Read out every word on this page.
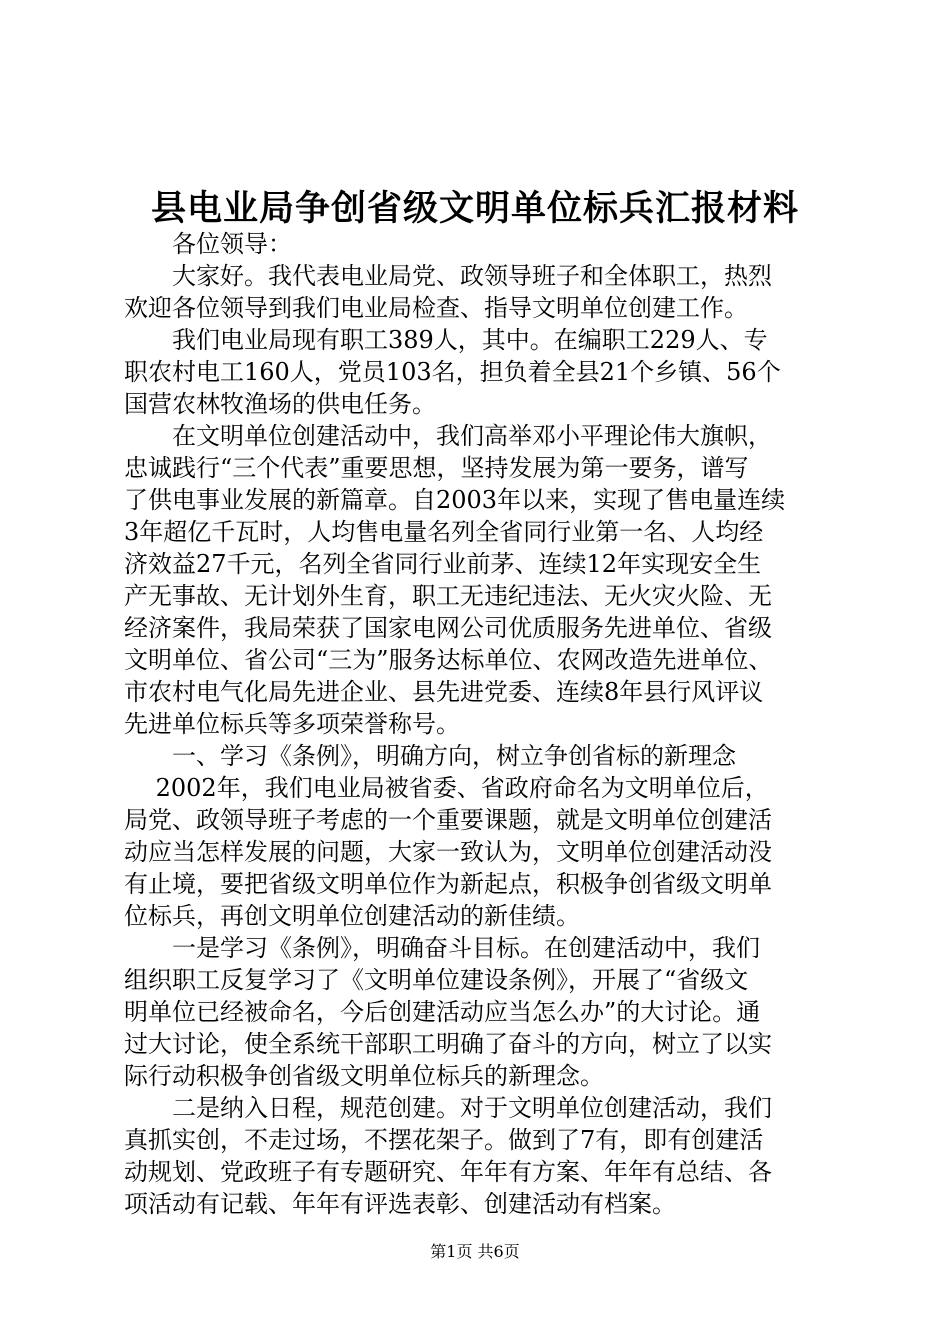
县电业局争创省级文明单位标兵汇报材料
　　各位领导：
　　大家好。我代表电业局党、政领导班子和全体职工，热烈
欢迎各位领导到我们电业局检查、指导文明单位创建工作。
　　我们电业局现有职工389人，其中。在编职工229人、专
职农村电工160人，党员103名，担负着全县21个乡镇、56个
国营农林牧渔场的供电任务。
　　在文明单位创建活动中，我们高举邓小平理论伟大旗帜，
忠诚践行“三个代表”重要思想，坚持发展为第一要务，谱写
了供电事业发展的新篇章。自2003年以来，实现了售电量连续
3年超亿千瓦时，人均售电量名列全省同行业第一名、人均经
济效益27千元，名列全省同行业前茅、连续12年实现安全生
产无事故、无计划外生育，职工无违纪违法、无火灾火险、无
经济案件，我局荣获了国家电网公司优质服务先进单位、省级
文明单位、省公司“三为”服务达标单位、农网改造先进单位、
市农村电气化局先进企业、县先进党委、连续8年县行风评议
先进单位标兵等多项荣誉称号。
　　一、学习《条例》，明确方向，树立争创省标的新理念
　 2002年，我们电业局被省委、省政府命名为文明单位后，
局党、政领导班子考虑的一个重要课题，就是文明单位创建活
动应当怎样发展的问题，大家一致认为，文明单位创建活动没
有止境，要把省级文明单位作为新起点，积极争创省级文明单
位标兵，再创文明单位创建活动的新佳绩。
　　一是学习《条例》，明确奋斗目标。在创建活动中，我们
组织职工反复学习了《文明单位建设条例》，开展了“省级文
明单位已经被命名，今后创建活动应当怎么办”的大讨论。通
过大讨论，使全系统干部职工明确了奋斗的方向，树立了以实
际行动积极争创省级文明单位标兵的新理念。
　　二是纳入日程，规范创建。对于文明单位创建活动，我们
真抓实创，不走过场，不摆花架子。做到了7有，即有创建活
动规划、党政班子有专题研究、年年有方案、年年有总结、各
项活动有记载、年年有评选表彰、创建活动有档案。
第1页 共6页
